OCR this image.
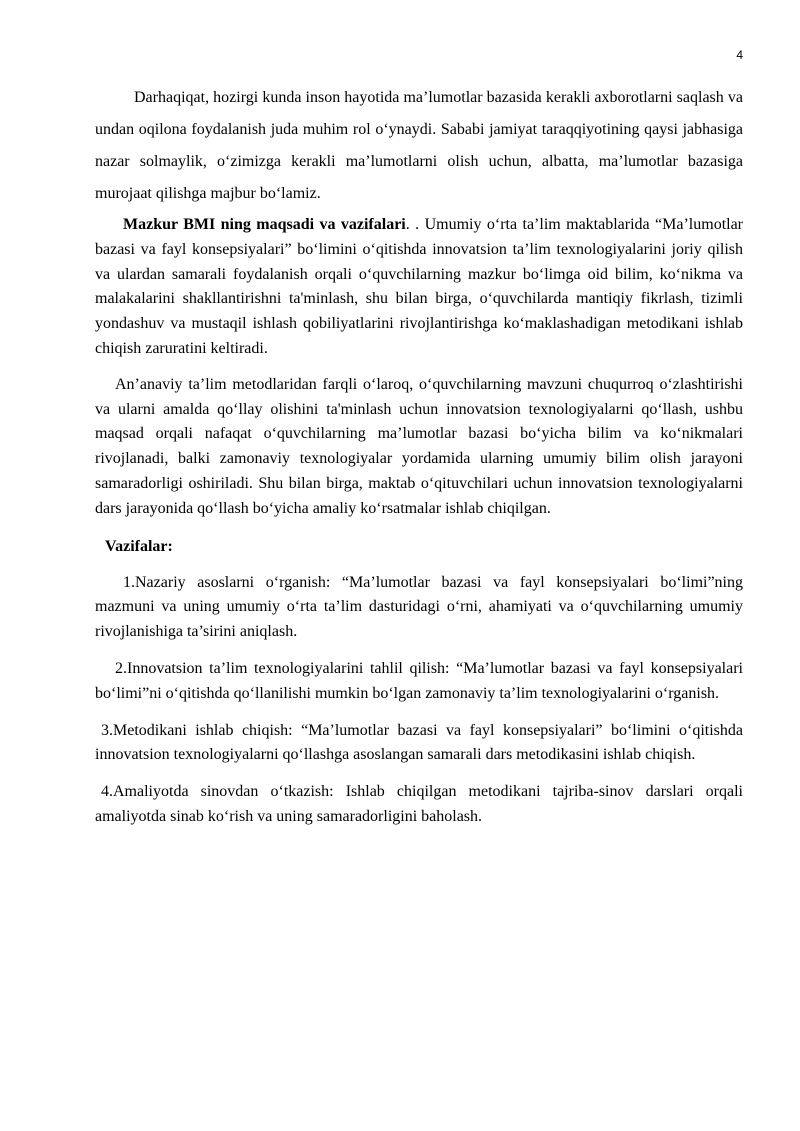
4

Darhaqiqat, hozirgi kunda inson hayotida ma’lumotlar bazasida kerakli axborotlarni saqlash va undan oqilona foydalanish juda muhim rol o‘ynaydi. Sababi jamiyat taraqqiyotining qaysi jabhasiga nazar solmaylik, o‘zimizga kerakli ma’lumotlarni olish uchun, albatta, ma’lumotlar bazasiga murojaat qilishga majbur bo‘lamiz.

Mazkur BMI ning maqsadi va vazifalari. . Umumiy o‘rta ta’lim maktablarida “Ma’lumotlar bazasi va fayl konsepsiyalari” bo‘limini o‘qitishda innovatsion ta’lim texnologiyalarini joriy qilish va ulardan samarali foydalanish orqali o‘quvchilarning mazkur bo‘limga oid bilim, ko‘nikma va malakalarini shakllantirishni ta'minlash, shu bilan birga, o‘quvchilarda mantiqiy fikrlash, tizimli yondashuv va mustaqil ishlash qobiliyatlarini rivojlantirishga ko‘maklashadigan metodikani ishlab chiqish zaruratini keltiradi.

An’anaviy ta’lim metodlaridan farqli o‘laroq, o‘quvchilarning mavzuni chuqurroq o‘zlashtirishi va ularni amalda qo‘llay olishini ta'minlash uchun innovatsion texnologiyalarni qo‘llash, ushbu maqsad orqali nafaqat o‘quvchilarning ma’lumotlar bazasi bo‘yicha bilim va ko‘nikmalari rivojlanadi, balki zamonaviy texnologiyalar yordamida ularning umumiy bilim olish jarayoni samaradorligi oshiriladi. Shu bilan birga, maktab o‘qituvchilari uchun innovatsion texnologiyalarni dars jarayonida qo‘llash bo‘yicha amaliy ko‘rsatmalar ishlab chiqilgan.

Vazifalar:

1.Nazariy asoslarni o‘rganish: “Ma’lumotlar bazasi va fayl konsepsiyalari bo‘limi”ning mazmuni va uning umumiy o‘rta ta’lim dasturidagi o‘rni, ahamiyati va o‘quvchilarning umumiy rivojlanishiga ta’sirini aniqlash.

2.Innovatsion ta’lim texnologiyalarini tahlil qilish: “Ma’lumotlar bazasi va fayl konsepsiyalari bo‘limi”ni o‘qitishda qo‘llanilishi mumkin bo‘lgan zamonaviy ta’lim texnologiyalarini o‘rganish.

3.Metodikani ishlab chiqish: “Ma’lumotlar bazasi va fayl konsepsiyalari” bo‘limini o‘qitishda innovatsion texnologiyalarni qo‘llashga asoslangan samarali dars metodikasini ishlab chiqish.

4.Amaliyotda sinovdan o‘tkazish: Ishlab chiqilgan metodikani tajriba-sinov darslari orqali amaliyotda sinab ko‘rish va uning samaradorligini baholash.
